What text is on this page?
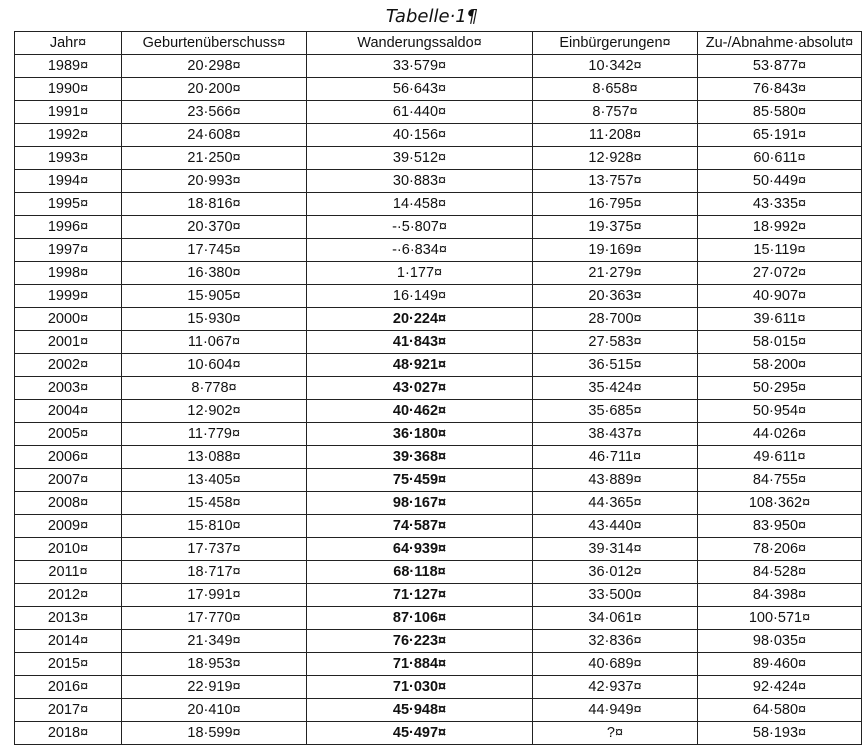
Tabelle·1¶
Jahr¤	Geburtenüberschuss¤	Wanderungssaldo¤	Einbürgerungen¤	Zu-/Abnahme·absolut¤
1989¤	20·298¤	33·579¤	10·342¤	53·877¤
1990¤	20·200¤	56·643¤	8·658¤	76·843¤
1991¤	23·566¤	61·440¤	8·757¤	85·580¤
1992¤	24·608¤	40·156¤	11·208¤	65·191¤
1993¤	21·250¤	39·512¤	12·928¤	60·611¤
1994¤	20·993¤	30·883¤	13·757¤	50·449¤
1995¤	18·816¤	14·458¤	16·795¤	43·335¤
1996¤	20·370¤	-·5·807¤	19·375¤	18·992¤
1997¤	17·745¤	-·6·834¤	19·169¤	15·119¤
1998¤	16·380¤	1·177¤	21·279¤	27·072¤
1999¤	15·905¤	16·149¤	20·363¤	40·907¤
2000¤	15·930¤	20·224¤	28·700¤	39·611¤
2001¤	11·067¤	41·843¤	27·583¤	58·015¤
2002¤	10·604¤	48·921¤	36·515¤	58·200¤
2003¤	8·778¤	43·027¤	35·424¤	50·295¤
2004¤	12·902¤	40·462¤	35·685¤	50·954¤
2005¤	11·779¤	36·180¤	38·437¤	44·026¤
2006¤	13·088¤	39·368¤	46·711¤	49·611¤
2007¤	13·405¤	75·459¤	43·889¤	84·755¤
2008¤	15·458¤	98·167¤	44·365¤	108·362¤
2009¤	15·810¤	74·587¤	43·440¤	83·950¤
2010¤	17·737¤	64·939¤	39·314¤	78·206¤
2011¤	18·717¤	68·118¤	36·012¤	84·528¤
2012¤	17·991¤	71·127¤	33·500¤	84·398¤
2013¤	17·770¤	87·106¤	34·061¤	100·571¤
2014¤	21·349¤	76·223¤	32·836¤	98·035¤
2015¤	18·953¤	71·884¤	40·689¤	89·460¤
2016¤	22·919¤	71·030¤	42·937¤	92·424¤
2017¤	20·410¤	45·948¤	44·949¤	64·580¤
2018¤	18·599¤	45·497¤	?¤	58·193¤
